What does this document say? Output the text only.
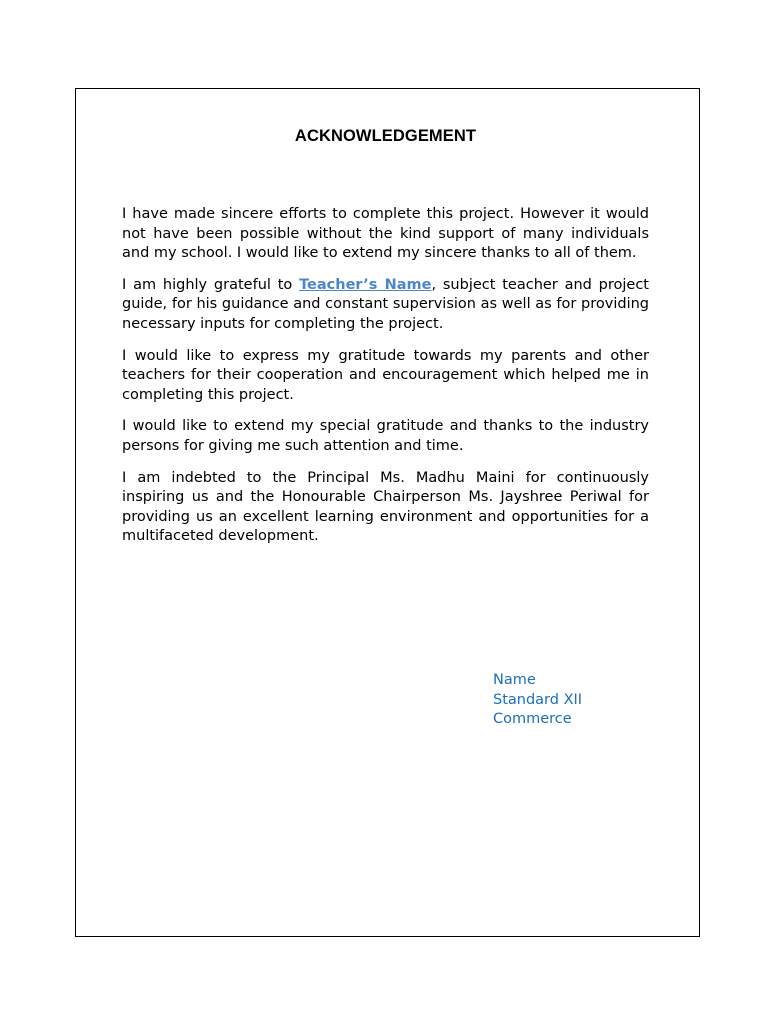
ACKNOWLEDGEMENT

I have made sincere efforts to complete this project. However it would not have been possible without the kind support of many individuals and my school. I would like to extend my sincere thanks to all of them.

I am highly grateful to Teacher’s Name, subject teacher and project guide, for his guidance and constant supervision as well as for providing necessary inputs for completing the project.

I would like to express my gratitude towards my parents and other teachers for their cooperation and encouragement which helped me in completing this project.

I would like to extend my special gratitude and thanks to the industry persons for giving me such attention and time.

I am indebted to the Principal Ms. Madhu Maini for continuously inspiring us and the Honourable Chairperson Ms. Jayshree Periwal for providing us an excellent learning environment and opportunities for a multifaceted development.

Name
Standard XII
Commerce
